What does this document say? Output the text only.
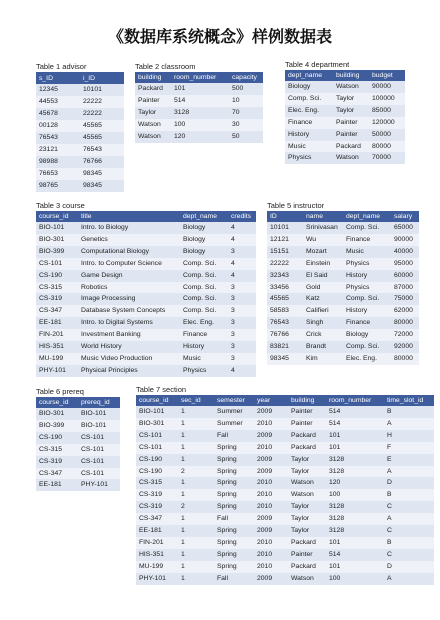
《数据库系统概念》样例数据表
Table 1 advisor
s_ID	i_ID
12345	10101
44553	22222
45678	22222
00128	45565
76543	45565
23121	76543
98988	76766
76653	98345
98765	98345
Table 2 classroom
building	room_number	capacity
Packard	101	500
Painter	514	10
Taylor	3128	70
Watson	100	30
Watson	120	50
Table 4 department
dept_name	building	budget
Biology	Watson	90000
Comp. Sci.	Taylor	100000
Elec. Eng.	Taylor	85000
Finance	Painter	120000
History	Painter	50000
Music	Packard	80000
Physics	Watson	70000
Table 3 course
course_id	title	dept_name	credits
BIO-101	Intro. to Biology	Biology	4
BIO-301	Genetics	Biology	4
BIO-399	Computational Biology	Biology	3
CS-101	Intro. to Computer Science	Comp. Sci.	4
CS-190	Game Design	Comp. Sci.	4
CS-315	Robotics	Comp. Sci.	3
CS-319	Image Processing	Comp. Sci.	3
CS-347	Database System Concepts	Comp. Sci.	3
EE-181	Intro. to Digital Systems	Elec. Eng.	3
FIN-201	Investment Banking	Finance	3
HIS-351	World History	History	3
MU-199	Music Video Production	Music	3
PHY-101	Physical Principles	Physics	4
Table 5 instructor
ID	name	dept_name	salary
10101	Srinivasan	Comp. Sci.	65000
12121	Wu	Finance	90000
15151	Mozart	Music	40000
22222	Einstein	Physics	95000
32343	El Said	History	60000
33456	Gold	Physics	87000
45565	Katz	Comp. Sci.	75000
58583	Califieri	History	62000
76543	Singh	Finance	80000
76766	Crick	Biology	72000
83821	Brandt	Comp. Sci.	92000
98345	Kim	Elec. Eng.	80000
Table 6 prereq
course_id	prereq_id
BIO-301	BIO-101
BIO-399	BIO-101
CS-190	CS-101
CS-315	CS-101
CS-319	CS-101
CS-347	CS-101
EE-181	PHY-101
Table 7 section
course_id	sec_id	semester	year	building	room_number	time_slot_id
BIO-101	1	Summer	2009	Painter	514	B
BIO-301	1	Summer	2010	Painter	514	A
CS-101	1	Fall	2009	Packard	101	H
CS-101	1	Spring	2010	Packard	101	F
CS-190	1	Spring	2009	Taylor	3128	E
CS-190	2	Spring	2009	Taylor	3128	A
CS-315	1	Spring	2010	Watson	120	D
CS-319	1	Spring	2010	Watson	100	B
CS-319	2	Spring	2010	Taylor	3128	C
CS-347	1	Fall	2009	Taylor	3128	A
EE-181	1	Spring	2009	Taylor	3128	C
FIN-201	1	Spring	2010	Packard	101	B
HIS-351	1	Spring	2010	Painter	514	C
MU-199	1	Spring	2010	Packard	101	D
PHY-101	1	Fall	2009	Watson	100	A
